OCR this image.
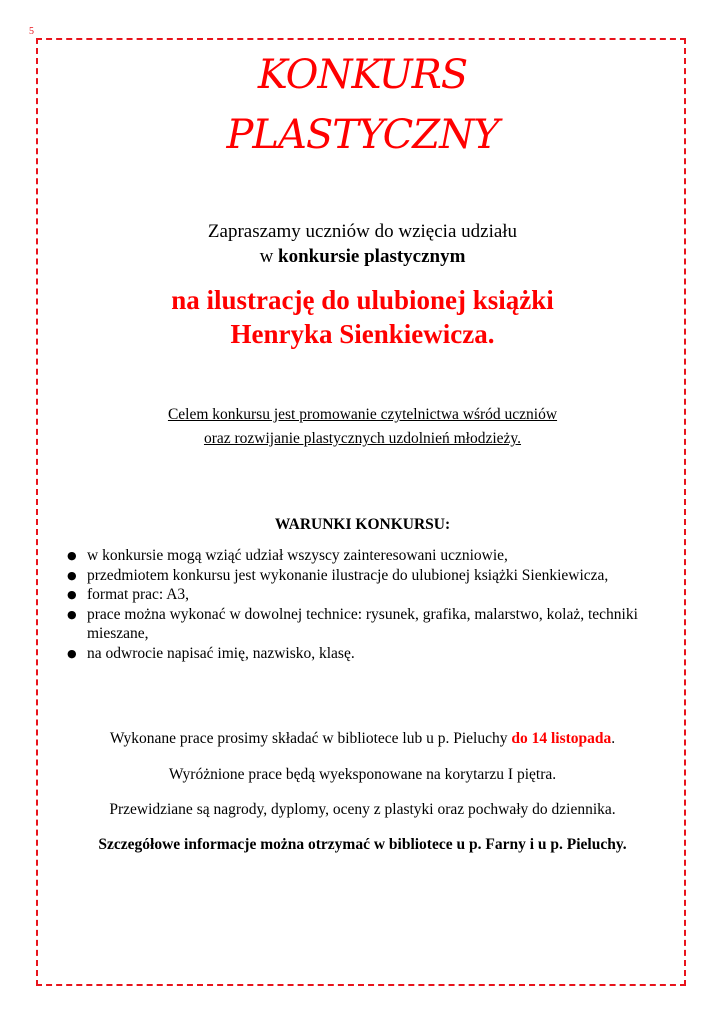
5
KONKURS
PLASTYCZNY
Zapraszamy uczniów do wzięcia udziału
w konkursie plastycznym
na ilustrację do ulubionej książki
Henryka Sienkiewicza.
Celem konkursu jest promowanie czytelnictwa wśród uczniów
oraz rozwijanie plastycznych uzdolnień młodzieży.
WARUNKI KONKURSU:
● w konkursie mogą wziąć udział wszyscy zainteresowani uczniowie,
● przedmiotem konkursu jest wykonanie ilustracje do ulubionej książki Sienkiewicza,
● format prac: A3,
● prace można wykonać w dowolnej technice: rysunek, grafika, malarstwo, kolaż, techniki mieszane,
● na odwrocie napisać imię, nazwisko, klasę.
Wykonane prace prosimy składać w bibliotece lub u p. Pieluchy do 14 listopada.
Wyróżnione prace będą wyeksponowane na korytarzu I piętra.
Przewidziane są nagrody, dyplomy, oceny z plastyki oraz pochwały do dziennika.
Szczegółowe informacje można otrzymać w bibliotece u p. Farny i u p. Pieluchy.
